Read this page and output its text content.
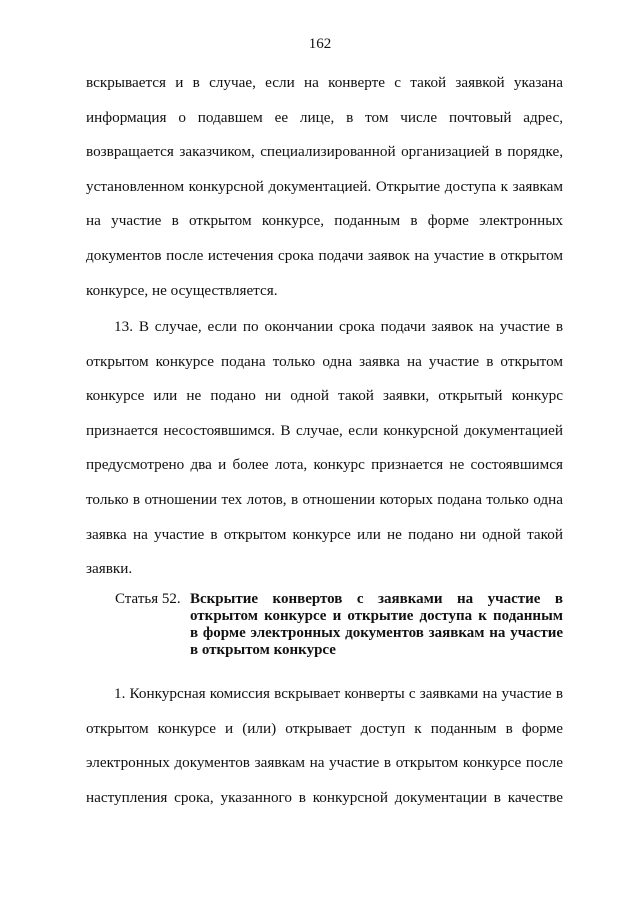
162
вскрывается и в случае, если на конверте с такой заявкой указана
информация о подавшем ее лице, в том числе почтовый адрес,
возвращается заказчиком, специализированной организацией в порядке,
установленном конкурсной документацией. Открытие доступа к заявкам
на участие в открытом конкурсе, поданным в форме электронных
документов после истечения срока подачи заявок на участие в открытом
конкурсе, не осуществляется.
13. В случае, если по окончании срока подачи заявок на участие в
открытом конкурсе подана только одна заявка на участие в открытом
конкурсе или не подано ни одной такой заявки, открытый конкурс
признается несостоявшимся. В случае, если конкурсной документацией
предусмотрено два и более лота, конкурс признается не состоявшимся
только в отношении тех лотов, в отношении которых подана только одна
заявка на участие в открытом конкурсе или не подано ни одной такой
заявки.
Статья 52. Вскрытие конвертов с заявками на участие в
открытом конкурсе и открытие доступа к поданным
в форме электронных документов заявкам на участие
в открытом конкурсе
1. Конкурсная комиссия вскрывает конверты с заявками на участие в
открытом конкурсе и (или) открывает доступ к поданным в форме
электронных документов заявкам на участие в открытом конкурсе после
наступления срока, указанного в конкурсной документации в качестве
